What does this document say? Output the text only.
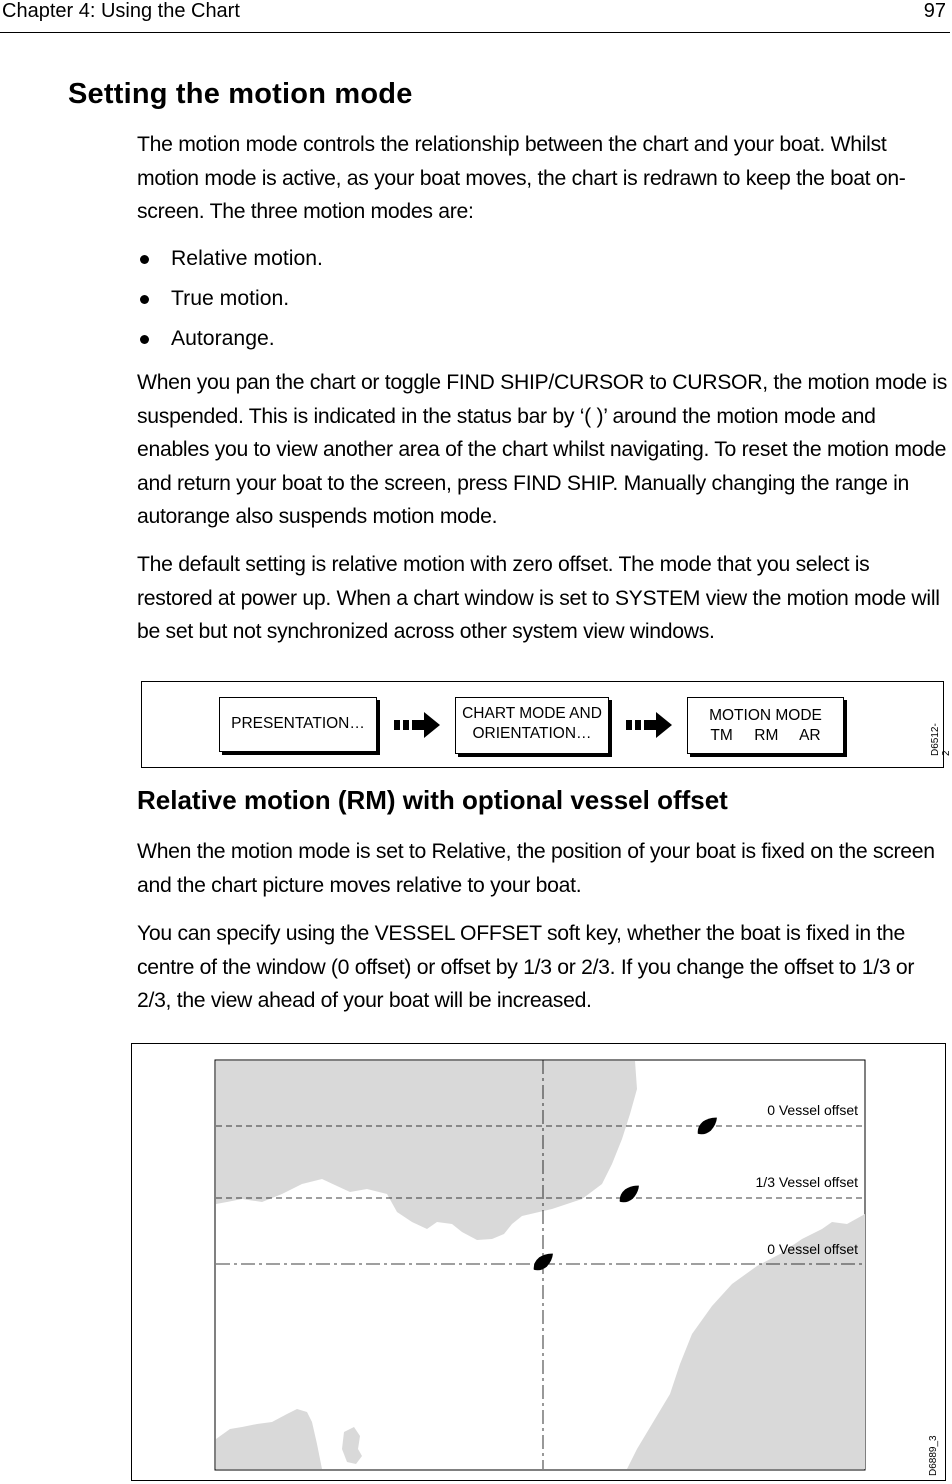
Chapter 4: Using the Chart	97
Setting the motion mode

The motion mode controls the relationship between the chart and your boat. Whilst motion mode is active, as your boat moves, the chart is redrawn to keep the boat on-screen. The three motion modes are:

Relative motion.
True motion.
Autorange.

When you pan the chart or toggle FIND SHIP/CURSOR to CURSOR, the motion mode is suspended. This is indicated in the status bar by ‘( )’ around the motion mode and enables you to view another area of the chart whilst navigating. To reset the motion mode and return your boat to the screen, press FIND SHIP. Manually changing the range in autorange also suspends motion mode.

The default setting is relative motion with zero offset. The mode that you select is restored at power up. When a chart window is set to SYSTEM view the motion mode will be set but not synchronized across other system view windows.

PRESENTATION…
CHART MODE AND
ORIENTATION…
MOTION MODE
TM     RM     AR	D6512-2
Relative motion (RM) with optional vessel offset

When the motion mode is set to Relative, the position of your boat is fixed on the screen and the chart picture moves relative to your boat.

You can specify using the VESSEL OFFSET soft key, whether the boat is fixed in the centre of the window (0 offset) or offset by 1/3 or 2/3. If you change the offset to 1/3 or 2/3, the view ahead of your boat will be increased.

0 Vessel offset
1/3 Vessel offset
0 Vessel offset
D6889_3
